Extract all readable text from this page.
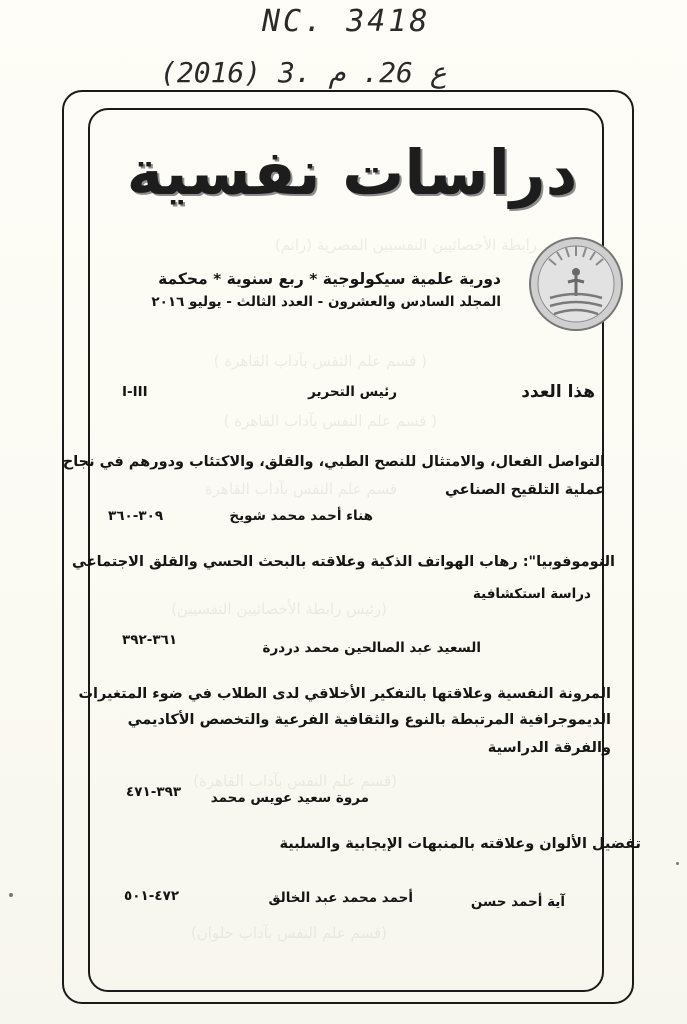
NC. 3418
(2016) 3. ع 26. م
رابطة الأخصائيين النفسيين المصرية (رانم)
( قسم علم النفس بآداب القاهرة )
( قسم علم النفس بآداب القاهرة )
قسم علم النفس بآداب القاهرة
(رئيس رابطة الأخصائيين النفسيين)
(قسم علم النفس بآداب القاهرة)
(قسم علم النفس بآداب حلوان)
دراسات نفسية
دورية علمية سيكولوجية * ربع سنوية * محكمة
المجلد السادس والعشرون - العدد الثالث - يوليو ٢٠١٦
هذا العدد
رئيس التحرير
I-III
التواصل الفعال، والامتثال للنصح الطبي، والقلق، والاكتئاب ودورهم في نجاح
عملية التلقيح الصناعي
هناء أحمد محمد شويخ
٣٠٩-٣٦٠
النوموفوبيا": رهاب الهواتف الذكية وعلاقته بالبحث الحسي والقلق الاجتماعي
دراسة استكشافية
السعيد عبد الصالحين محمد دردرة
٣٦١-٣٩٢
المرونة النفسية وعلاقتها بالتفكير الأخلاقي لدى الطلاب في ضوء المتغيرات
الديموجرافية المرتبطة بالنوع والثقافية الفرعية والتخصص الأكاديمي
والفرقة الدراسية
مروة سعيد عويس محمد
٣٩٣-٤٧١
تفضيل الألوان وعلاقته بالمنبهات الإيجابية والسلبية
آية أحمد حسن
أحمد محمد عبد الخالق
٤٧٢-٥٠١
